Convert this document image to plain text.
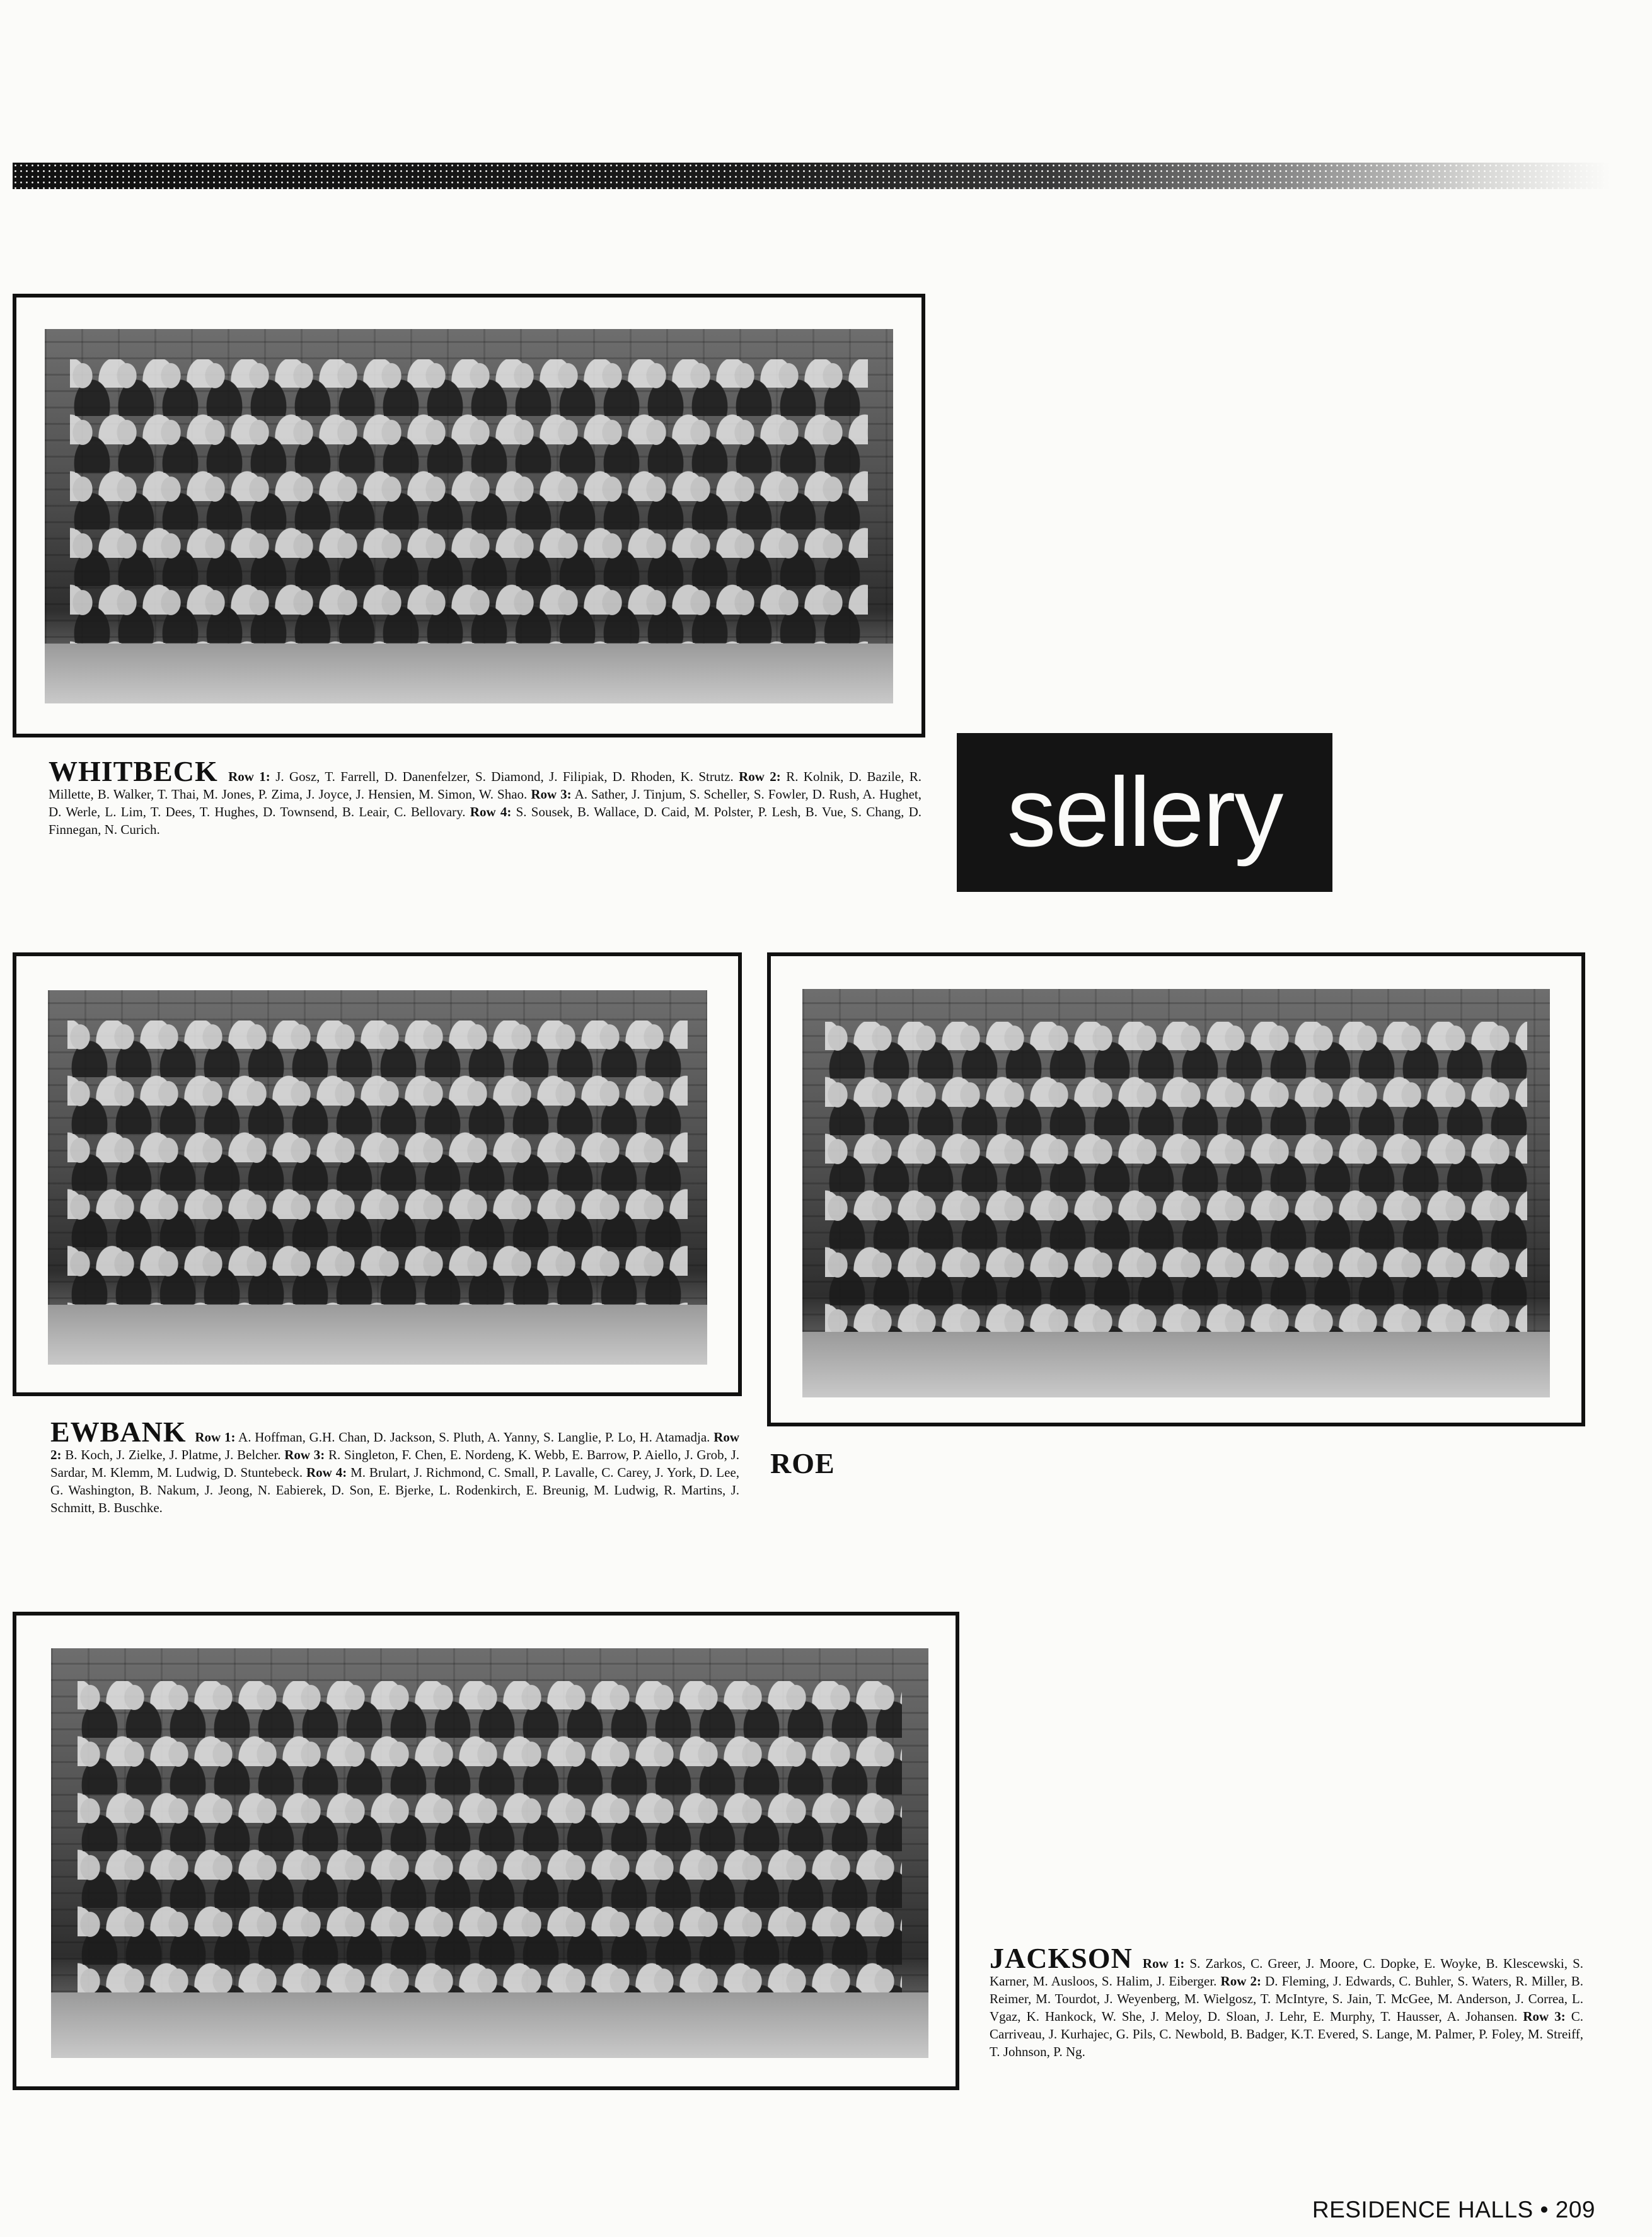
WHITBECK Row 1: J. Gosz, T. Farrell, D. Danenfelzer, S. Diamond, J. Filipiak, D. Rhoden, K. Strutz. Row 2: R. Kolnik, D. Bazile, R. Millette, B. Walker, T. Thai, M. Jones, P. Zima, J. Joyce, J. Hensien, M. Simon, W. Shao. Row 3: A. Sather, J. Tinjum, S. Scheller, S. Fowler, D. Rush, A. Hughet, D. Werle, L. Lim, T. Dees, T. Hughes, D. Townsend, B. Leair, C. Bellovary. Row 4: S. Sousek, B. Wallace, D. Caid, M. Polster, P. Lesh, B. Vue, S. Chang, D. Finnegan, N. Curich.	sellery
EWBANK Row 1: A. Hoffman, G.H. Chan, D. Jackson, S. Pluth, A. Yanny, S. Langlie, P. Lo, H. Atamadja. Row 2: B. Koch, J. Zielke, J. Platme, J. Belcher. Row 3: R. Singleton, F. Chen, E. Nordeng, K. Webb, E. Barrow, P. Aiello, J. Grob, J. Sardar, M. Klemm, M. Ludwig, D. Stuntebeck. Row 4: M. Brulart, J. Richmond, C. Small, P. Lavalle, C. Carey, J. York, D. Lee, G. Washington, B. Nakum, J. Jeong, N. Eabierek, D. Son, E. Bjerke, L. Rodenkirch, E. Breunig, M. Ludwig, R. Martins, J. Schmitt, B. Buschke.
ROE
JACKSON Row 1: S. Zarkos, C. Greer, J. Moore, C. Dopke, E. Woyke, B. Klescewski, S. Karner, M. Ausloos, S. Halim, J. Eiberger. Row 2: D. Fleming, J. Edwards, C. Buhler, S. Waters, R. Miller, B. Reimer, M. Tourdot, J. Weyenberg, M. Wielgosz, T. McIntyre, S. Jain, T. McGee, M. Anderson, J. Correa, L. Vgaz, K. Hankock, W. She, J. Meloy, D. Sloan, J. Lehr, E. Murphy, T. Hausser, A. Johansen. Row 3: C. Carriveau, J. Kurhajec, G. Pils, C. Newbold, B. Badger, K.T. Evered, S. Lange, M. Palmer, P. Foley, M. Streiff, T. Johnson, P. Ng.
RESIDENCE HALLS • 209
